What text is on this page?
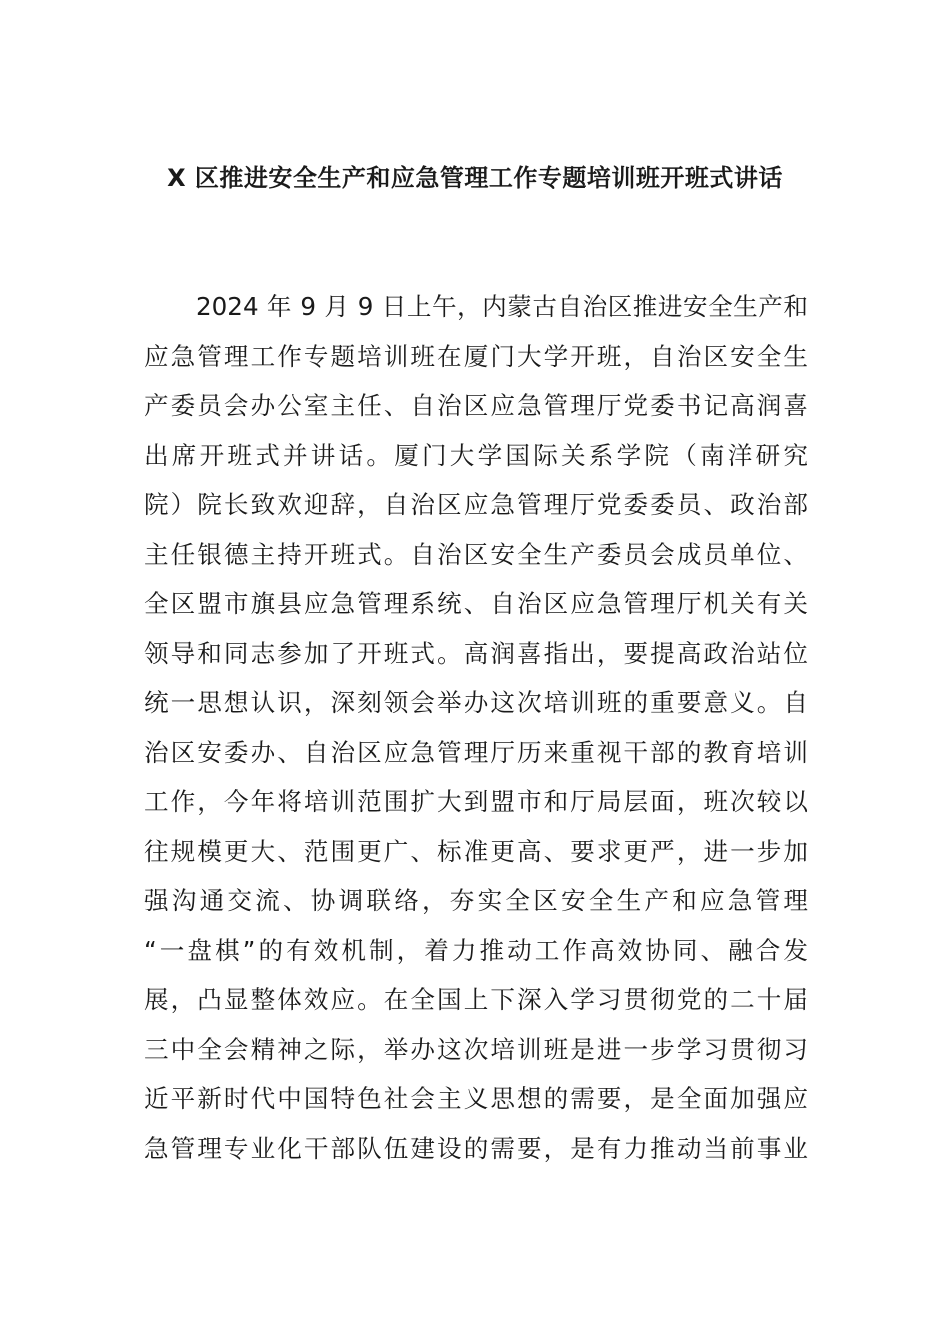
X 区推进安全生产和应急管理工作专题培训班开班式讲话
2024 年 9 月 9 日上午，内蒙古自治区推进安全生产和
应急管理工作专题培训班在厦门大学开班，自治区安全生
产委员会办公室主任、自治区应急管理厅党委书记高润喜
出席开班式并讲话。厦门大学国际关系学院（南洋研究
院）院长致欢迎辞，自治区应急管理厅党委委员、政治部
主任银德主持开班式。自治区安全生产委员会成员单位、
全区盟市旗县应急管理系统、自治区应急管理厅机关有关
领导和同志参加了开班式。高润喜指出，要提高政治站位
统一思想认识，深刻领会举办这次培训班的重要意义。自
治区安委办、自治区应急管理厅历来重视干部的教育培训
工作，今年将培训范围扩大到盟市和厅局层面，班次较以
往规模更大、范围更广、标准更高、要求更严，进一步加
强沟通交流、协调联络，夯实全区安全生产和应急管理
“一盘棋”的有效机制，着力推动工作高效协同、融合发
展，凸显整体效应。在全国上下深入学习贯彻党的二十届
三中全会精神之际，举办这次培训班是进一步学习贯彻习
近平新时代中国特色社会主义思想的需要，是全面加强应
急管理专业化干部队伍建设的需要，是有力推动当前事业
